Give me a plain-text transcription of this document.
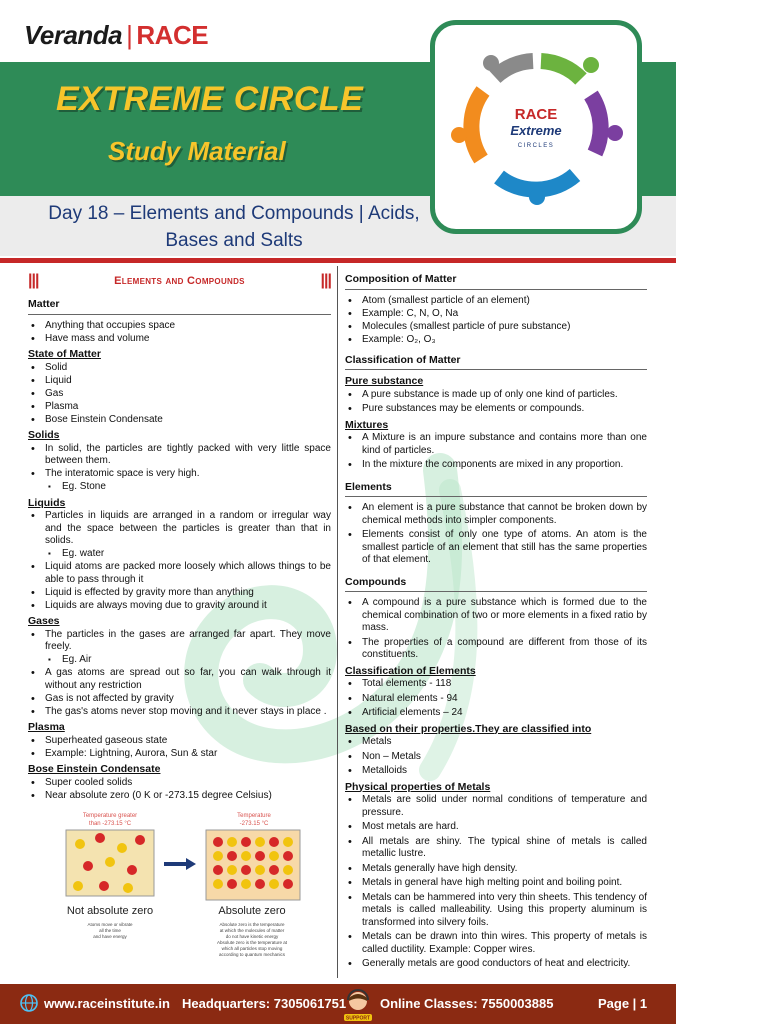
Veranda | RACE
EXTREME CIRCLE
Study Material
Day 18 – Elements and Compounds | Acids, Bases and Salts
RACE
Extreme
CIRCLES
|||	Elements and Compounds	|||
Matter
• Anything that occupies space
• Have mass and volume
State of Matter
• Solid
• Liquid
• Gas
• Plasma
• Bose Einstein Condensate
Solids
• In solid, the particles are tightly packed with very little space between them.
• The interatomic space is very high.
▪ Eg. Stone
Liquids
• Particles in liquids are arranged in a random or irregular way and the space between the particles is greater than that in solids.
▪ Eg. water
• Liquid atoms are packed more loosely which allows things to be able to pass through it
• Liquid is effected by gravity more than anything
• Liquids are always moving due to gravity around it
Gases
• The particles in the gases are arranged far apart. They move freely.
▪ Eg. Air
• A gas atoms are spread out so far, you can walk through it without any restriction
• Gas is not affected by gravity
• The gas's atoms never stop moving and it never stays in place .
Plasma
• Superheated gaseous state
• Example: Lightning, Aurora, Sun & star
Bose Einstein Condensate
• Super cooled solids
• Near absolute zero (0 K or -273.15 degree Celsius)
Temperature greater
than -273.15 °C
Temperature
-273.15 °C
Not absolute zero	Absolute zero
Atoms move or vibrate
all the time
and have energy
Absolute zero is the temperature
at which the molecules of matter
do not have kinetic energy
Absolute zero is the temperature at
which all particles stop moving
according to quantum mechanics
Composition of Matter
• Atom (smallest particle of an element)
• Example: C, N, O, Na
• Molecules (smallest particle of pure substance)
• Example: O₂, O₃
Classification of Matter
Pure substance
• A pure substance is made up of only one kind of particles.
• Pure substances may be elements or compounds.
Mixtures
• A Mixture is an impure substance and contains more than one kind of particles.
• In the mixture the components are mixed in any proportion.
Elements
• An element is a pure substance that cannot be broken down by chemical methods into simpler components.
• Elements consist of only one type of atoms. An atom is the smallest particle of an element that still has the same properties of that element.
Compounds
• A compound is a pure substance which is formed due to the chemical combination of two or more elements in a fixed ratio by mass.
• The properties of a compound are different from those of its constituents.
Classification of Elements
• Total elements - 118
• Natural elements - 94
• Artificial elements – 24
Based on their properties.They are classified into
• Metals
• Non – Metals
• Metalloids
Physical properties of Metals
• Metals are solid under normal conditions of temperature and pressure.
• Most metals are hard.
• All metals are shiny. The typical shine of metals is called metallic lustre.
• Metals generally have high density.
• Metals in general have high melting point and boiling point.
• Metals can be hammered into very thin sheets. This tendency of metals is called malleability. Using this property aluminum is transformed into silvery foils.
• Metals can be drawn into thin wires. This property of metals is called ductility. Example: Copper wires.
• Generally metals are good conductors of heat and electricity.
www.raceinstitute.in Headquarters: 7305061751	Online Classes: 7550003885	Page | 1
SUPPORT
